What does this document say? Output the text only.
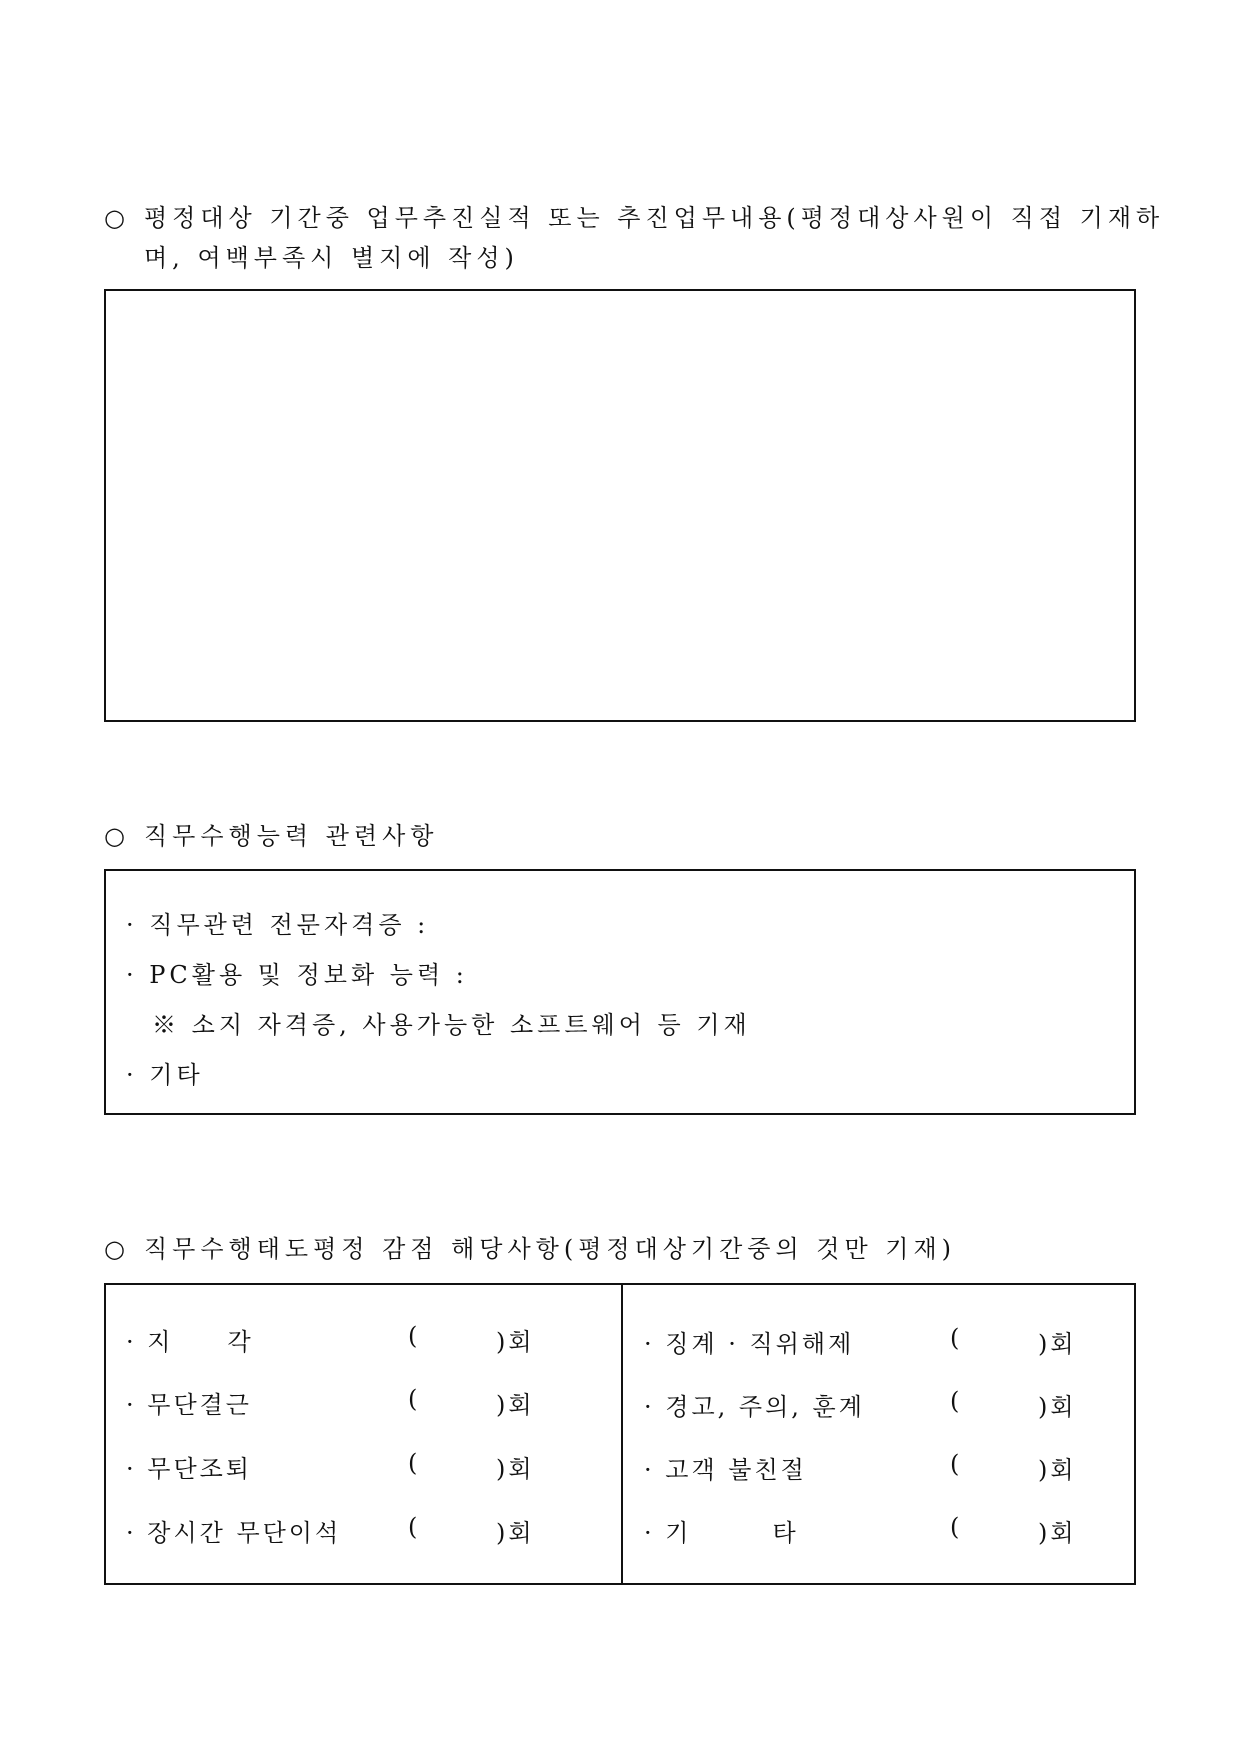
○ 평정대상 기간중 업무추진실적 또는 추진업무내용(평정대상사원이 직접 기재하
며, 여백부족시 별지에 작성)
○ 직무수행능력 관련사항
· 직무관련 전문자격증 :
· PC활용 및 정보화 능력 :
※ 소지 자격증, 사용가능한 소프트웨어 등 기재
· 기타
○ 직무수행태도평정 감점 해당사항(평정대상기간중의 것만 기재)
· 지　　각	(	)회
· 무단결근	(	)회
· 무단조퇴	(	)회
· 장시간 무단이석	(	)회
· 징계 · 직위해제	(	)회
· 경고, 주의, 훈계	(	)회
· 고객 불친절	(	)회
· 기　　　타	(	)회
